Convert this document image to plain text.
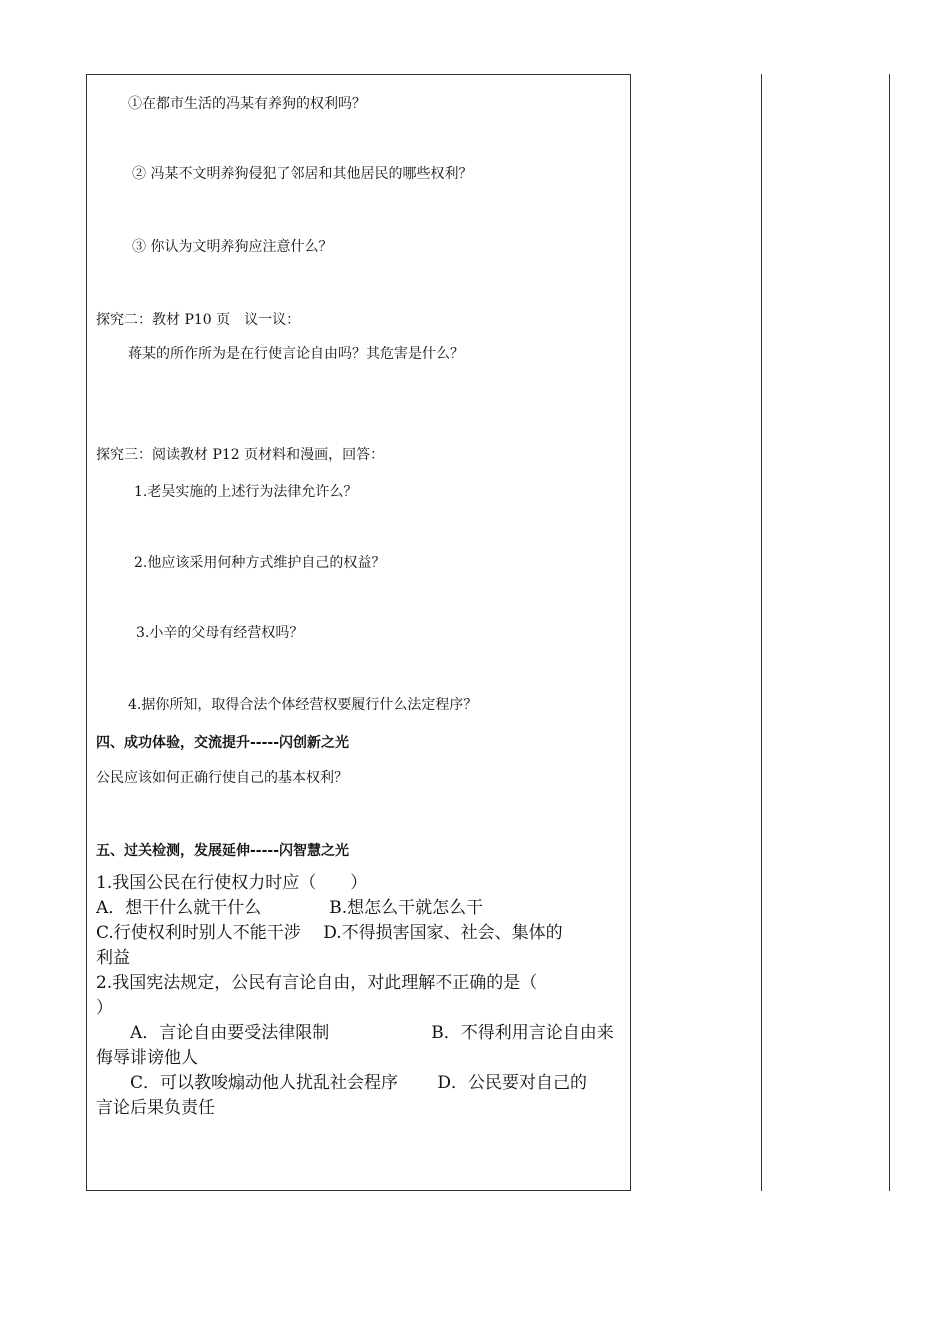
①在都市生活的冯某有养狗的权利吗？
② 冯某不文明养狗侵犯了邻居和其他居民的哪些权利？
③ 你认为文明养狗应注意什么？
探究二：教材 P10 页　议一议：
蒋某的所作所为是在行使言论自由吗？其危害是什么？
探究三：阅读教材 P12 页材料和漫画，回答：
1.老吴实施的上述行为法律允许么？
2.他应该采用何种方式维护自己的权益？
3.小辛的父母有经营权吗？
4.据你所知，取得合法个体经营权要履行什么法定程序？
四、成功体验，交流提升-----闪创新之光
公民应该如何正确行使自己的基本权利？
五、过关检测，发展延伸-----闪智慧之光
1.我国公民在行使权力时应（　　）
A．想干什么就干什么　　　　B.想怎么干就怎么干
C.行使权利时别人不能干涉　 D.不得损害国家、社会、集体的
利益
2.我国宪法规定，公民有言论自由，对此理解不正确的是（
）
　　A．言论自由要受法律限制　　　　　　B．不得利用言论自由来
侮辱诽谤他人
　　C．可以教唆煽动他人扰乱社会程序　　 D．公民要对自己的
言论后果负责任
